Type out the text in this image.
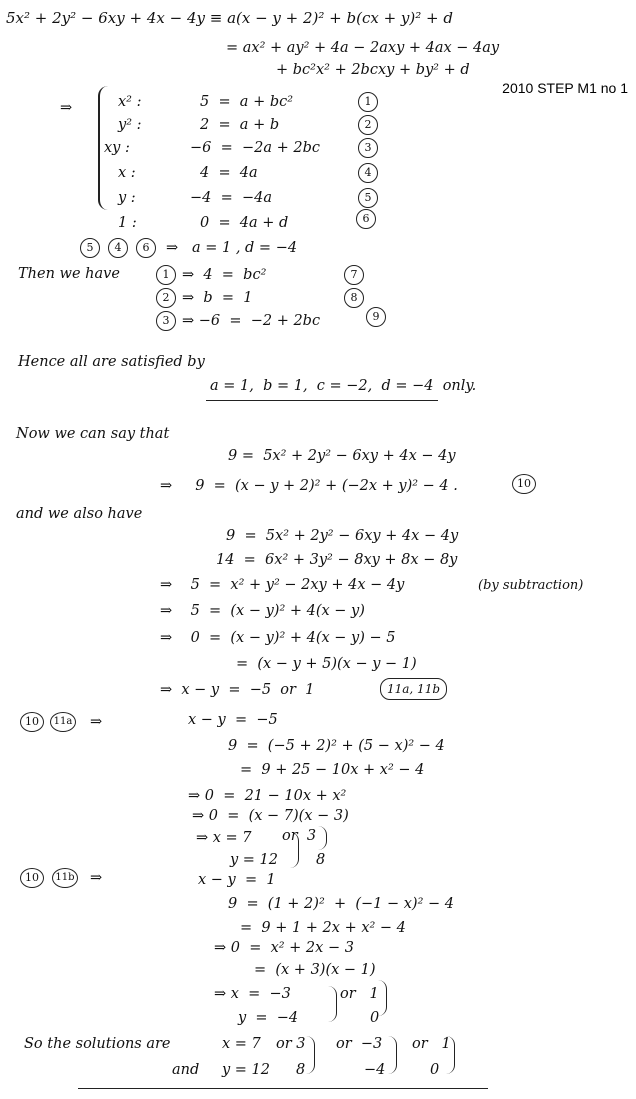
5x² + 2y² − 6xy + 4x − 4y ≡ a(x − y + 2)² + b(cx + y)² + d
= ax² + ay² + 4a − 2axy + 4ax − 4ay
+ bc²x² + 2bcxy + by² + d
2010 STEP M1 no 1
⇒	x² :	5  =  a + bc²	1
y² :	2  =  a + b	2
xy :	−6  =  −2a + 2bc	3
x :	4  =  4a	4
y :	−4  =  −4a	5
1 :	0  =  4a + d	6
5	4	6	⇒   a = 1 , d = −4
Then we have	1 ⇒  4  =  bc²	7
2 ⇒  b  =  1	8
3 ⇒ −6  =  −2 + 2bc	9
Hence all are satisfied by
a = 1,  b = 1,  c = −2,  d = −4  only.
Now we can say that
9 =  5x² + 2y² − 6xy + 4x − 4y
⇒     9  =  (x − y + 2)² + (−2x + y)² − 4 .	10
and we also have
9  =  5x² + 2y² − 6xy + 4x − 4y
14  =  6x² + 3y² − 8xy + 8x − 8y
⇒    5  =  x² + y² − 2xy + 4x − 4y	(by subtraction)
⇒    5  =  (x − y)² + 4(x − y)
⇒    0  =  (x − y)² + 4(x − y) − 5
=  (x − y + 5)(x − y − 1)
⇒  x − y  =  −5  or  1	11a, 11b
10	11a ⇒	x − y  =  −5
9  =  (−5 + 2)² + (5 − x)² − 4
=  9 + 25 − 10x + x² − 4
⇒ 0  =  21 − 10x + x²
⇒ 0  =  (x − 7)(x − 3)
⇒ x = 7 or  3
y = 12	8
10	11b ⇒	x − y  =  1
9  =  (1 + 2)²  +  (−1 − x)² − 4
=  9 + 1 + 2x + x² − 4
⇒ 0  =  x² + 2x − 3
=  (x + 3)(x − 1)
⇒ x  =  −3	or   1
y  =  −4	0
So the solutions are	x = 7 or 3 or  −3 or   1
and y = 12 8	−4	0
